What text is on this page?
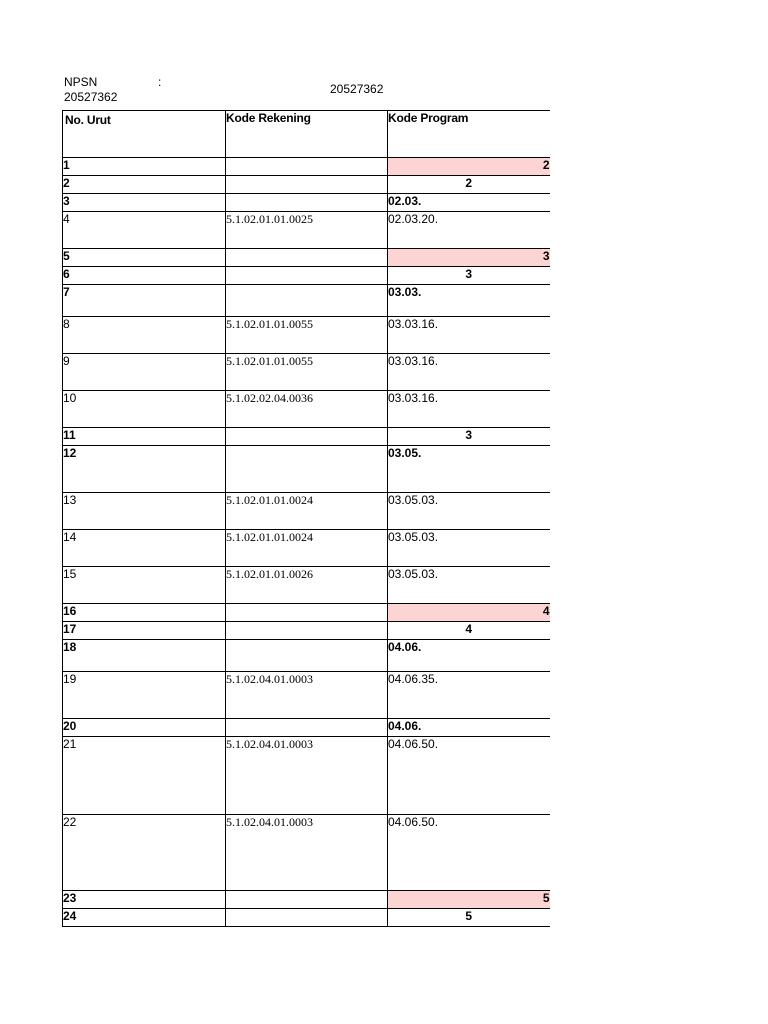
NPSN	:
20527362
20527362
No. Urut	Kode Rekening	Kode Program
1		2
2		2
3		02.03.
4	5.1.02.01.01.0025	02.03.20.
5		3
6		3
7		03.03.
8	5.1.02.01.01.0055	03.03.16.
9	5.1.02.01.01.0055	03.03.16.
10	5.1.02.02.04.0036	03.03.16.
11		3
12		03.05.
13	5.1.02.01.01.0024	03.05.03.
14	5.1.02.01.01.0024	03.05.03.
15	5.1.02.01.01.0026	03.05.03.
16		4
17		4
18		04.06.
19	5.1.02.04.01.0003	04.06.35.
20		04.06.
21	5.1.02.04.01.0003	04.06.50.
22	5.1.02.04.01.0003	04.06.50.
23		5
24		5
